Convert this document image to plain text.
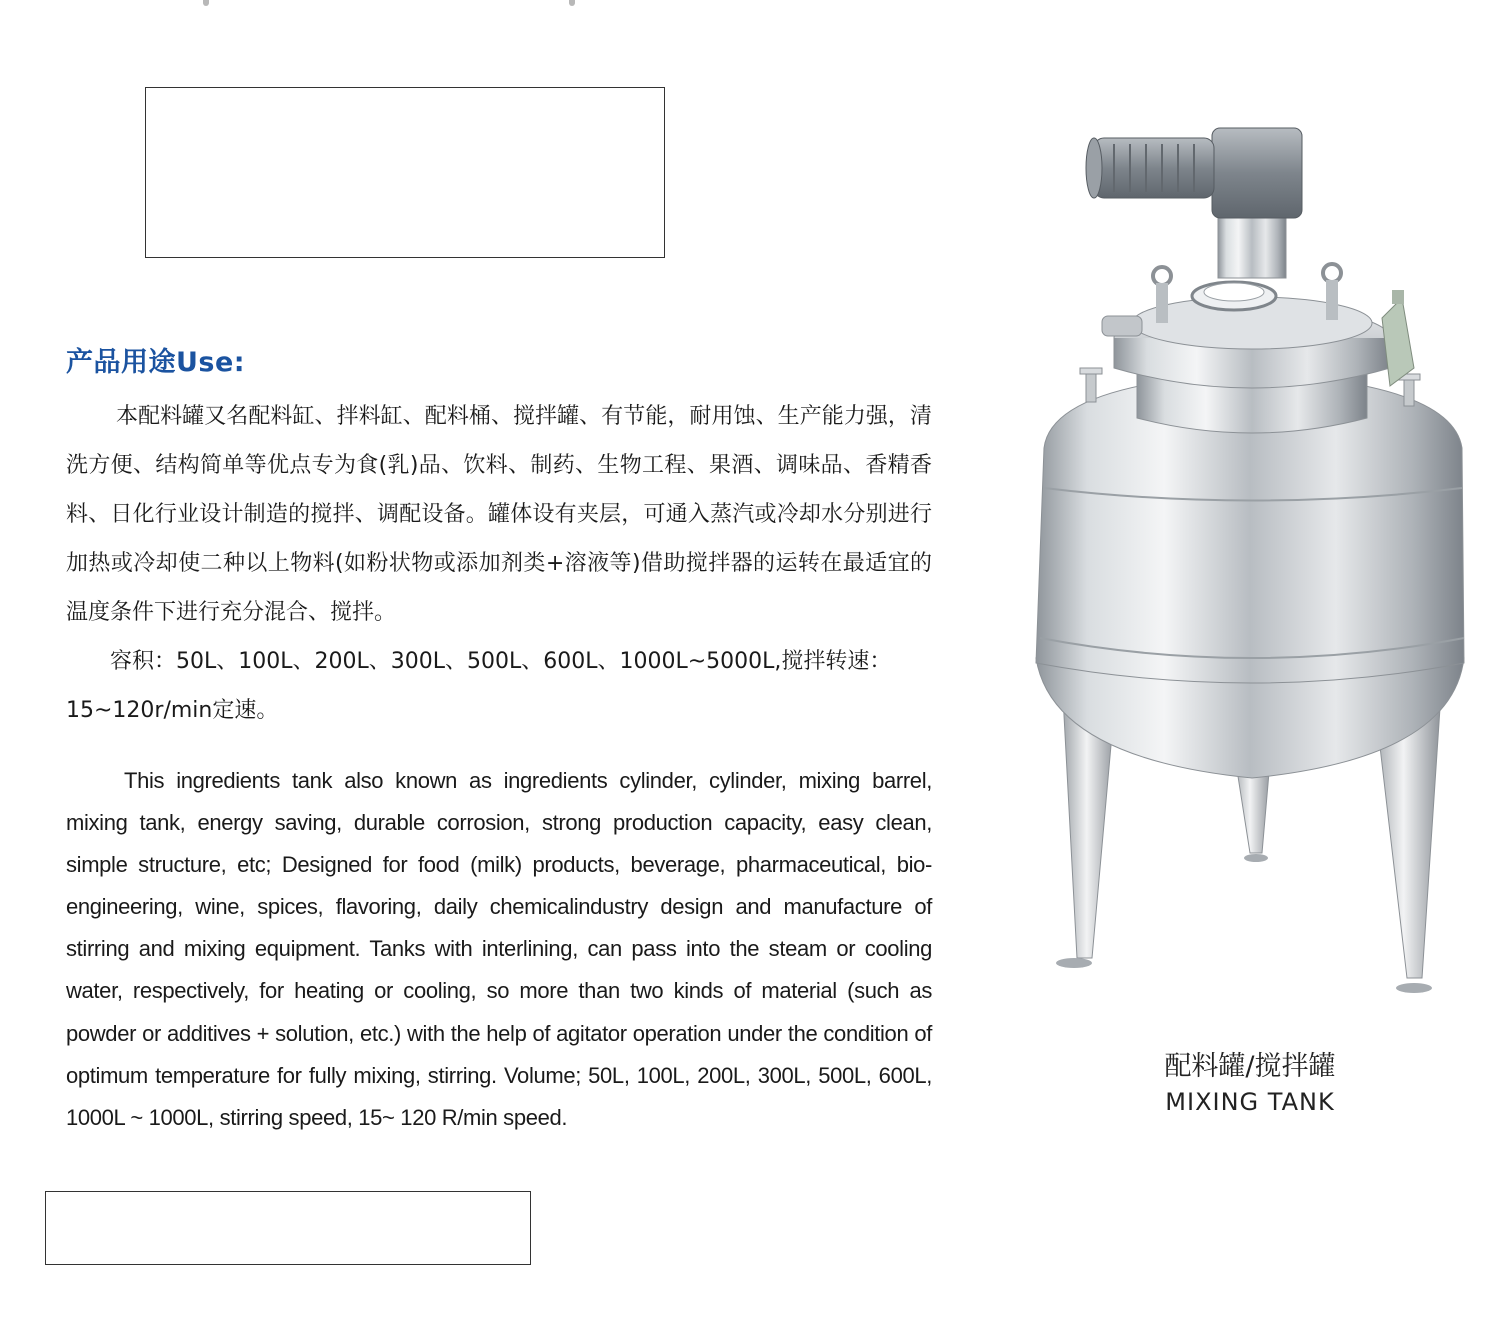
产品用途Use:

本配料罐又名配料缸、拌料缸、配料桶、搅拌罐、有节能，耐用蚀、生产能力强，清洗方便、结构简单等优点专为食(乳)品、饮料、制药、生物工程、果酒、调味品、香精香料、日化行业设计制造的搅拌、调配设备。罐体设有夹层，可通入蒸汽或冷却水分别进行加热或冷却使二种以上物料(如粉状物或添加剂类+溶液等)借助搅拌器的运转在最适宜的温度条件下进行充分混合、搅拌。

容积：50L、100L、200L、300L、500L、600L、1000L~5000L,搅拌转速：15~120r/min定速。

This ingredients tank also known as ingredients cylinder, cylinder, mixing barrel, mixing tank, energy saving, durable corrosion, strong production capacity, easy clean, simple structure, etc; Designed for food (milk) products, beverage, pharmaceutical, bio-engineering, wine, spices, flavoring, daily chemicalindustry design and manufacture of stirring and mixing equipment. Tanks with interlining, can pass into the steam or cooling water, respectively, for heating or cooling, so more than two kinds of material (such as powder or additives + solution, etc.) with the help of agitator operation under the condition of optimum temperature for fully mixing, stirring. Volume; 50L, 100L, 200L, 300L, 500L, 600L, 1000L ~ 1000L, stirring speed, 15~ 120 R/min speed.

配料罐/搅拌罐
MIXING TANK
